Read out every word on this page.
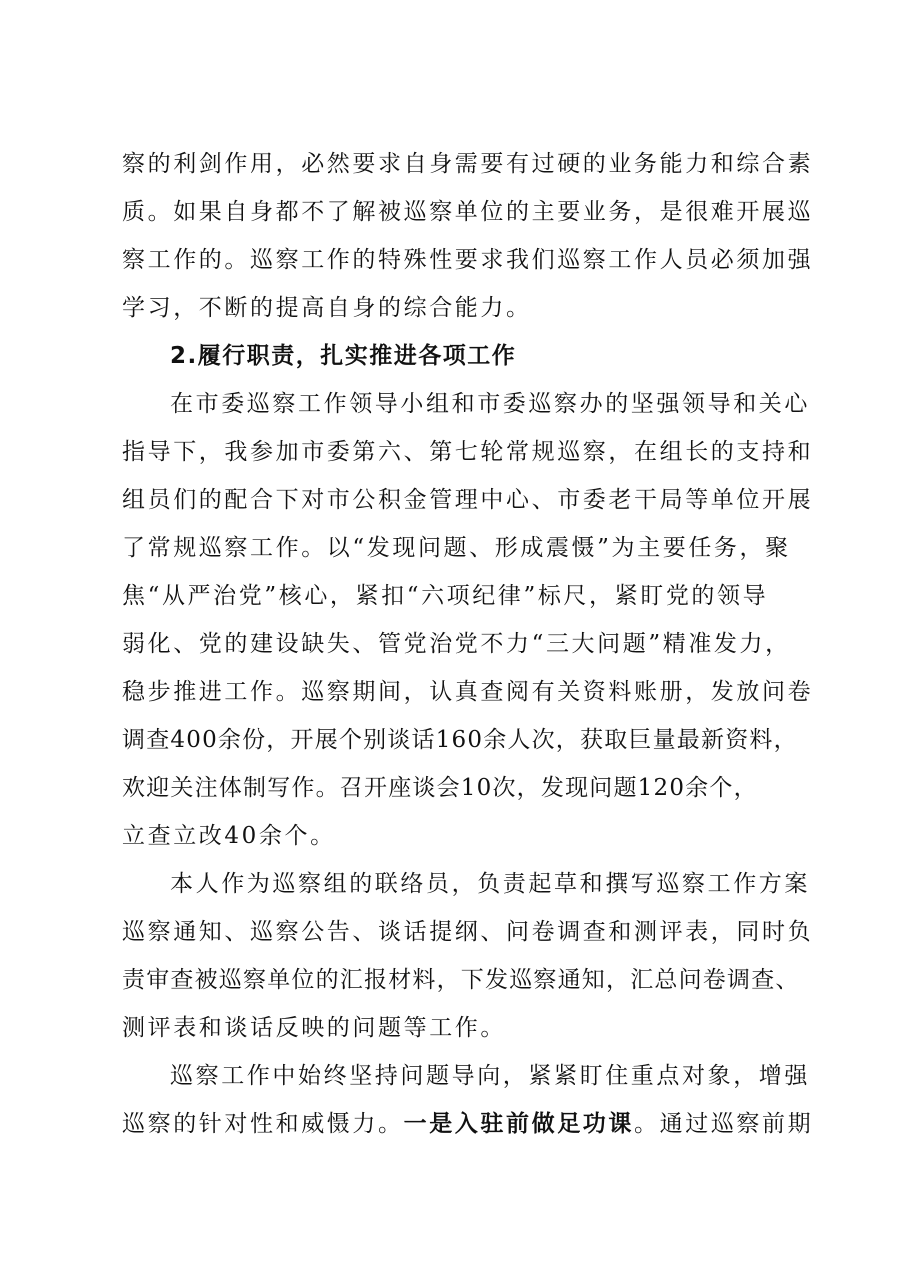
察的利剑作用，必然要求自身需要有过硬的业务能力和综合素
质。如果自身都不了解被巡察单位的主要业务，是很难开展巡
察工作的。巡察工作的特殊性要求我们巡察工作人员必须加强
学习，不断的提高自身的综合能力。
2.履行职责，扎实推进各项工作
在市委巡察工作领导小组和市委巡察办的坚强领导和关心
指导下，我参加市委第六、第七轮常规巡察，在组长的支持和
组员们的配合下对市公积金管理中心、市委老干局等单位开展
了常规巡察工作。以“发现问题、形成震慑”为主要任务，聚
焦“从严治党”核心，紧扣“六项纪律”标尺，紧盯党的领导
弱化、党的建设缺失、管党治党不力“三大问题”精准发力，
稳步推进工作。巡察期间，认真查阅有关资料账册，发放问卷
调查400余份，开展个别谈话160余人次，获取巨量最新资料，
欢迎关注体制写作。召开座谈会10次，发现问题120余个，
立查立改40余个。
本人作为巡察组的联络员，负责起草和撰写巡察工作方案
巡察通知、巡察公告、谈话提纲、问卷调查和测评表，同时负
责审查被巡察单位的汇报材料，下发巡察通知，汇总问卷调查、
测评表和谈话反映的问题等工作。
巡察工作中始终坚持问题导向，紧紧盯住重点对象，增强
巡察的针对性和威慑力。一是入驻前做足功课。通过巡察前期
